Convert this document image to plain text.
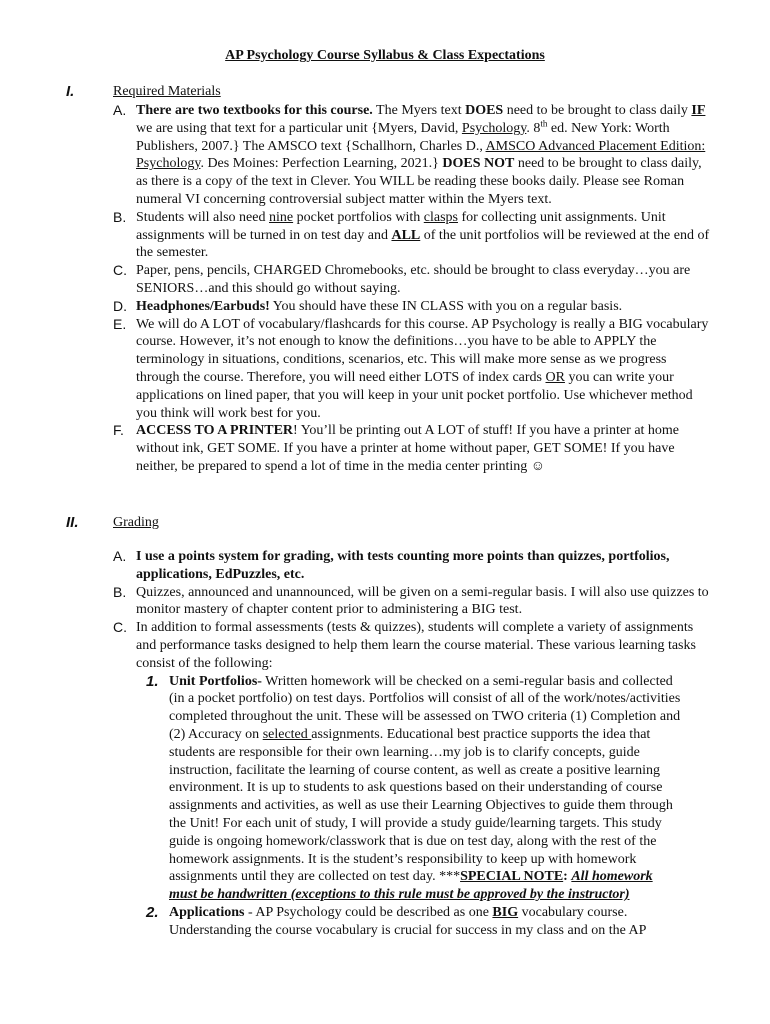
AP Psychology Course Syllabus & Class Expectations
I.	Required Materials
A. There are two textbooks for this course. The Myers text DOES need to be brought to class daily IF we are using that text for a particular unit {Myers, David, Psychology. 8th ed. New York: Worth Publishers, 2007.} The AMSCO text {Schallhorn, Charles D., AMSCO Advanced Placement Edition: Psychology. Des Moines: Perfection Learning, 2021.} DOES NOT need to be brought to class daily, as there is a copy of the text in Clever. You WILL be reading these books daily. Please see Roman numeral VI concerning controversial subject matter within the Myers text.
B. Students will also need nine pocket portfolios with clasps for collecting unit assignments. Unit assignments will be turned in on test day and ALL of the unit portfolios will be reviewed at the end of the semester.
C. Paper, pens, pencils, CHARGED Chromebooks, etc. should be brought to class everyday…you are SENIORS…and this should go without saying.
D. Headphones/Earbuds! You should have these IN CLASS with you on a regular basis.
E. We will do A LOT of vocabulary/flashcards for this course. AP Psychology is really a BIG vocabulary course. However, it’s not enough to know the definitions…you have to be able to APPLY the terminology in situations, conditions, scenarios, etc. This will make more sense as we progress through the course. Therefore, you will need either LOTS of index cards OR you can write your applications on lined paper, that you will keep in your unit pocket portfolio. Use whichever method you think will work best for you.
F. ACCESS TO A PRINTER! You’ll be printing out A LOT of stuff! If you have a printer at home without ink, GET SOME. If you have a printer at home without paper, GET SOME! If you have neither, be prepared to spend a lot of time in the media center printing ☺
II. Grading
A. I use a points system for grading, with tests counting more points than quizzes, portfolios, applications, EdPuzzles, etc.
B. Quizzes, announced and unannounced, will be given on a semi-regular basis. I will also use quizzes to monitor mastery of chapter content prior to administering a BIG test.
C. In addition to formal assessments (tests & quizzes), students will complete a variety of assignments and performance tasks designed to help them learn the course material. These various learning tasks consist of the following:
1. Unit Portfolios- Written homework will be checked on a semi-regular basis and collected (in a pocket portfolio) on test days. Portfolios will consist of all of the work/notes/activities completed throughout the unit. These will be assessed on TWO criteria (1) Completion and (2) Accuracy on selected assignments. Educational best practice supports the idea that students are responsible for their own learning…my job is to clarify concepts, guide instruction, facilitate the learning of course content, as well as create a positive learning environment. It is up to students to ask questions based on their understanding of course assignments and activities, as well as use their Learning Objectives to guide them through the Unit! For each unit of study, I will provide a study guide/learning targets. This study guide is ongoing homework/classwork that is due on test day, along with the rest of the homework assignments. It is the student’s responsibility to keep up with homework assignments until they are collected on test day. ***SPECIAL NOTE: All homework must be handwritten (exceptions to this rule must be approved by the instructor)
2. Applications - AP Psychology could be described as one BIG vocabulary course. Understanding the course vocabulary is crucial for success in my class and on the AP
